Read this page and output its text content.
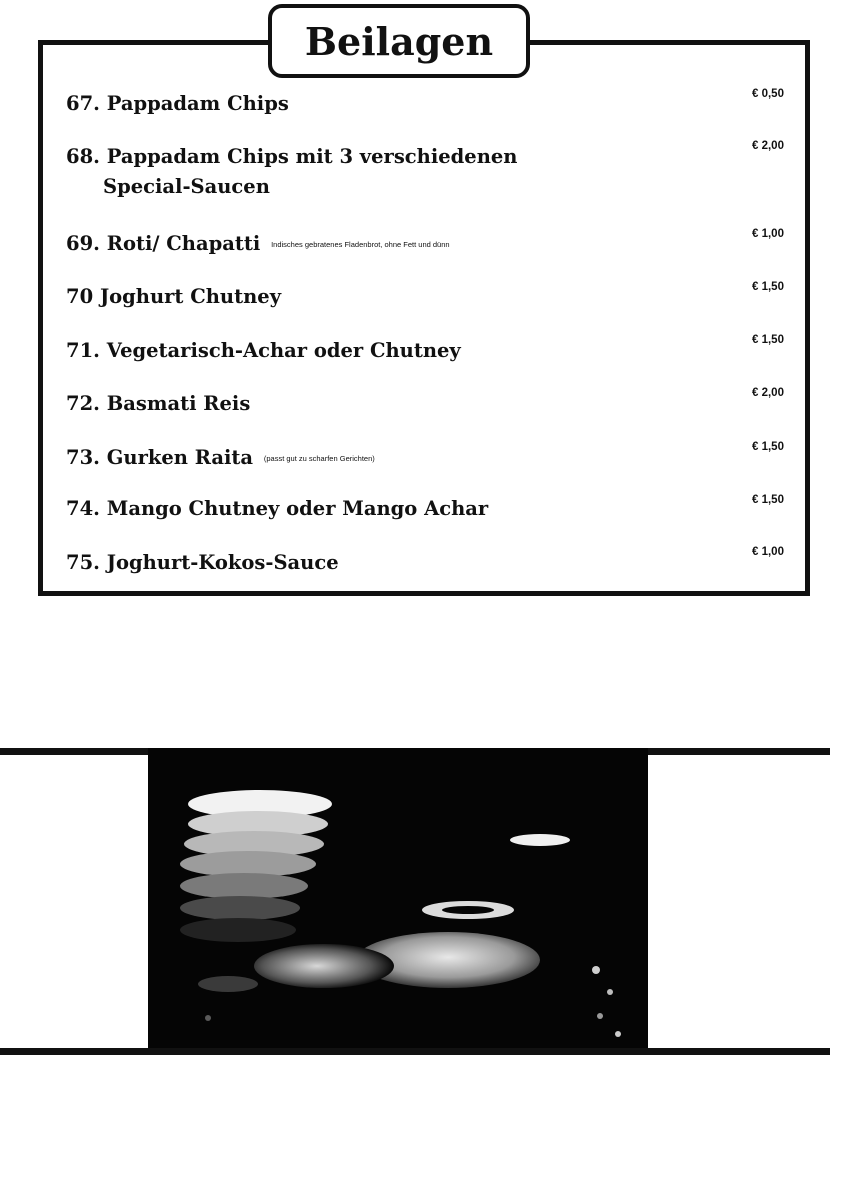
Beilagen
67. Pappadam Chips	€ 0,50
68. Pappadam Chips mit 3 verschiedenen
Special-Saucen
€ 2,00
69. Roti/ Chapatti Indisches gebratenes Fladenbrot, ohne Fett und dünn
€ 1,00
70 Joghurt Chutney	€ 1,50
71. Vegetarisch-Achar oder Chutney	€ 1,50
72. Basmati Reis	€ 2,00
73. Gurken Raita (passt gut zu scharfen Gerichten)
€ 1,50
74. Mango Chutney oder Mango Achar	€ 1,50
75. Joghurt-Kokos-Sauce	€ 1,00
